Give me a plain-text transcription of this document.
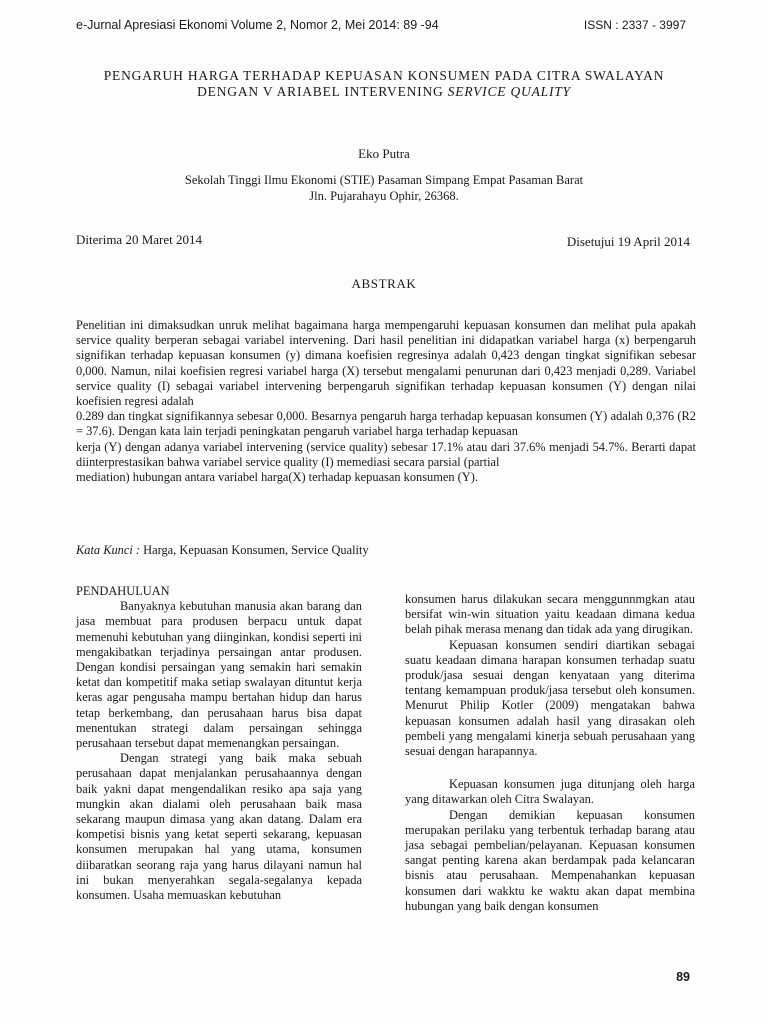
e-Jurnal Apresiasi Ekonomi Volume 2, Nomor 2, Mei 2014: 89 -94	ISSN : 2337 - 3997
PENGARUH HARGA TERHADAP KEPUASAN KONSUMEN PADA CITRA SWALAYAN
DENGAN V ARIABEL INTERVENING SERVICE QUALITY
Eko Putra
Sekolah Tinggi Ilmu Ekonomi (STIE) Pasaman Simpang Empat Pasaman Barat
Jln. Pujarahayu Ophir, 26368.
Diterima 20 Maret 2014	Disetujui 19 April 2014
ABSTRAK

Penelitian ini dimaksudkan unruk melihat bagaimana harga mempengaruhi kepuasan konsumen dan melihat pula apakah service quality berperan sebagai variabel intervening. Dari hasil penelitian ini didapatkan variabel harga (x) berpengaruh signifikan terhadap kepuasan konsumen (y) dimana koefisien regresinya adalah 0,423 dengan tingkat signifikan sebesar 0,000. Namun, nilai koefisien regresi variabel harga (X) tersebut mengalami penurunan dari 0,423 menjadi 0,289. Variabel service quality (I) sebagai variabel intervening berpengaruh signifikan terhadap kepuasan konsumen (Y) dengan nilai koefisien regresi adalah

0.289 dan tingkat signifikannya sebesar 0,000. Besarnya pengaruh harga terhadap kepuasan konsumen (Y) adalah 0,376 (R2 = 37.6). Dengan kata lain terjadi peningkatan pengaruh variabel harga terhadap kepuasan

kerja (Y) dengan adanya variabel intervening (service quality) sebesar 17.1% atau dari 37.6% menjadi 54.7%. Berarti dapat diinterprestasikan bahwa variabel service quality (I) memediasi secara parsial (partial

mediation) hubungan antara variabel harga(X) terhadap kepuasan konsumen (Y).

Kata Kunci : Harga, Kepuasan Konsumen, Service Quality

PENDAHULUAN

Banyaknya kebutuhan manusia akan barang dan jasa membuat para produsen berpacu untuk dapat memenuhi kebutuhan yang diinginkan, kondisi seperti ini mengakibatkan terjadinya persaingan antar produsen. Dengan kondisi persaingan yang semakin hari semakin ketat dan kompetitif maka setiap swalayan dituntut kerja keras agar pengusaha mampu bertahan hidup dan harus tetap berkembang, dan perusahaan harus bisa dapat menentukan strategi dalam persaingan sehingga perusahaan tersebut dapat memenangkan persaingan.

Dengan strategi yang baik maka sebuah perusahaan dapat menjalankan perusahaannya dengan baik yakni dapat mengendalikan resiko apa saja yang mungkin akan dialami oleh perusahaan baik masa sekarang maupun dimasa yang akan datang. Dalam era kompetisi bisnis yang ketat seperti sekarang, kepuasan konsumen merupakan hal yang utama, konsumen diibaratkan seorang raja yang harus dilayani namun hal ini bukan menyerahkan segala-segalanya kepada konsumen. Usaha memuaskan kebutuhan

konsumen harus dilakukan secara menggunnmgkan atau bersifat win-win situation yaitu keadaan dimana kedua belah pihak merasa menang dan tidak ada yang dirugikan.

Kepuasan konsumen sendiri diartikan sebagai suatu keadaan dimana harapan konsumen terhadap suatu produk/jasa sesuai dengan kenyataan yang diterima tentang kemampuan produk/jasa tersebut oleh konsumen. Menurut Philip Kotler (2009) mengatakan bahwa kepuasan konsumen adalah hasil yang dirasakan oleh pembeli yang mengalami kinerja sebuah perusahaan yang sesuai dengan harapannya.

Kepuasan konsumen juga ditunjang oleh harga yang ditawarkan oleh Citra Swalayan.

Dengan demikian kepuasan konsumen merupakan perilaku yang terbentuk terhadap barang atau jasa sebagai pembelian/pelayanan. Kepuasan konsumen sangat penting karena akan berdampak pada kelancaran bisnis atau perusahaan. Mempenahankan kepuasan konsumen dari wakktu ke waktu akan dapat membina hubungan yang baik dengan konsumen

89
